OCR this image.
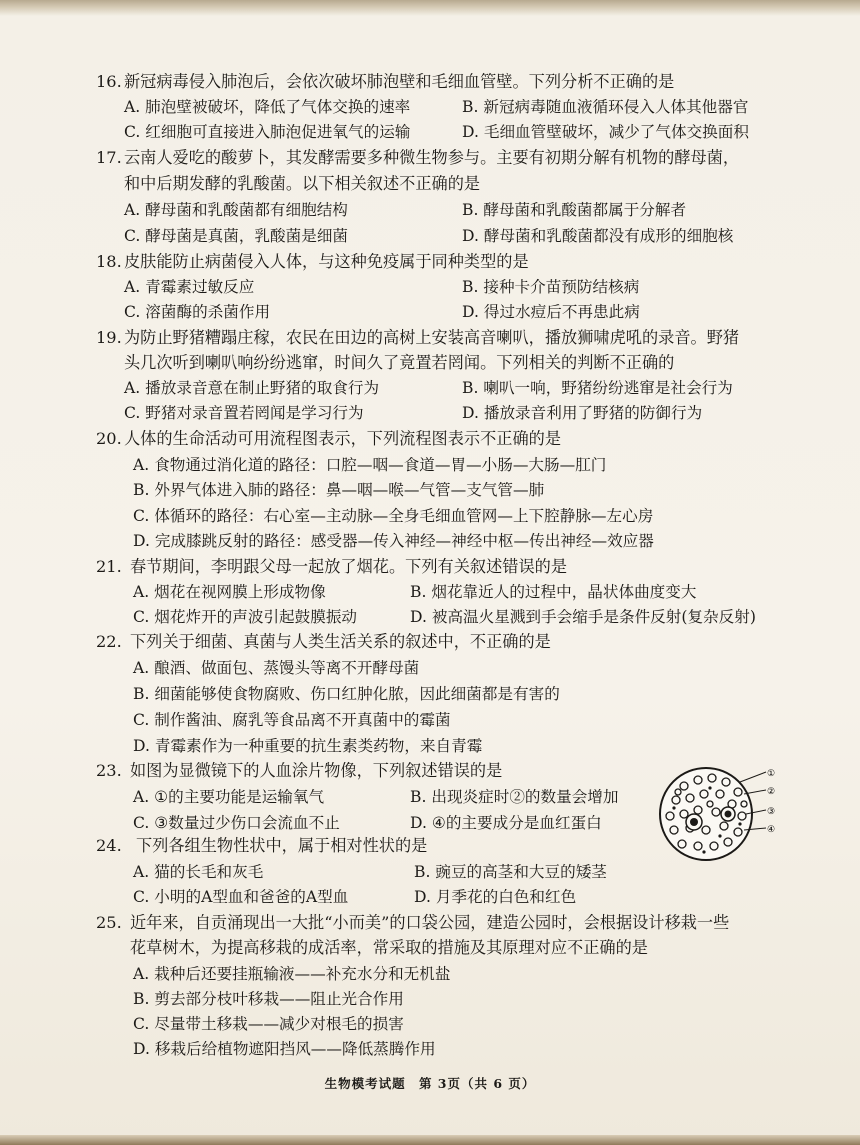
16. 新冠病毒侵入肺泡后，会依次破坏肺泡壁和毛细血管壁。下列分析不正确的是
A. 肺泡壁被破坏，降低了气体交换的速率	B. 新冠病毒随血液循环侵入人体其他器官
C. 红细胞可直接进入肺泡促进氧气的运输	D. 毛细血管壁破坏，减少了气体交换面积
17. 云南人爱吃的酸萝卜，其发酵需要多种微生物参与。主要有初期分解有机物的酵母菌，
和中后期发酵的乳酸菌。以下相关叙述不正确的是
A. 酵母菌和乳酸菌都有细胞结构	B. 酵母菌和乳酸菌都属于分解者
C. 酵母菌是真菌，乳酸菌是细菌	D. 酵母菌和乳酸菌都没有成形的细胞核
18. 皮肤能防止病菌侵入人体，与这种免疫属于同种类型的是
A. 青霉素过敏反应	B. 接种卡介苗预防结核病
C. 溶菌酶的杀菌作用	D. 得过水痘后不再患此病
19. 为防止野猪糟蹋庄稼，农民在田边的高树上安装高音喇叭，播放狮啸虎吼的录音。野猪
头几次听到喇叭响纷纷逃窜，时间久了竟置若罔闻。下列相关的判断不正确的
A. 播放录音意在制止野猪的取食行为	B. 喇叭一响，野猪纷纷逃窜是社会行为
C. 野猪对录音置若罔闻是学习行为	D. 播放录音利用了野猪的防御行为
20. 人体的生命活动可用流程图表示，下列流程图表示不正确的是
A. 食物通过消化道的路径：口腔—咽—食道—胃—小肠—大肠—肛门
B. 外界气体进入肺的路径：鼻—咽—喉—气管—支气管—肺
C. 体循环的路径：右心室—主动脉—全身毛细血管网—上下腔静脉—左心房
D. 完成膝跳反射的路径：感受器—传入神经—神经中枢—传出神经—效应器
21. 春节期间，李明跟父母一起放了烟花。下列有关叙述错误的是
A. 烟花在视网膜上形成物像	B. 烟花靠近人的过程中，晶状体曲度变大
C. 烟花炸开的声波引起鼓膜振动	D. 被高温火星溅到手会缩手是条件反射(复杂反射)
22. 下列关于细菌、真菌与人类生活关系的叙述中，不正确的是
A. 酿酒、做面包、蒸馒头等离不开酵母菌
B. 细菌能够使食物腐败、伤口红肿化脓，因此细菌都是有害的
C. 制作酱油、腐乳等食品离不开真菌中的霉菌
D. 青霉素作为一种重要的抗生素类药物，来自青霉
23. 如图为显微镜下的人血涂片物像，下列叙述错误的是
A. ①的主要功能是运输氧气	B. 出现炎症时②的数量会增加
C. ③数量过少伤口会流血不止	D. ④的主要成分是血红蛋白
①
②
③
④
24. 下列各组生物性状中，属于相对性状的是
A. 猫的长毛和灰毛	B. 豌豆的高茎和大豆的矮茎
C. 小明的A型血和爸爸的A型血	D. 月季花的白色和红色
25. 近年来，自贡涌现出一大批“小而美”的口袋公园，建造公园时，会根据设计移栽一些
花草树木，为提高移栽的成活率，常采取的措施及其原理对应不正确的是
A. 栽种后还要挂瓶输液——补充水分和无机盐
B. 剪去部分枝叶移栽——阻止光合作用
C. 尽量带土移栽——减少对根毛的损害
D. 移栽后给植物遮阳挡风——降低蒸腾作用
生物模考试题 第 3页（共 6 页）
